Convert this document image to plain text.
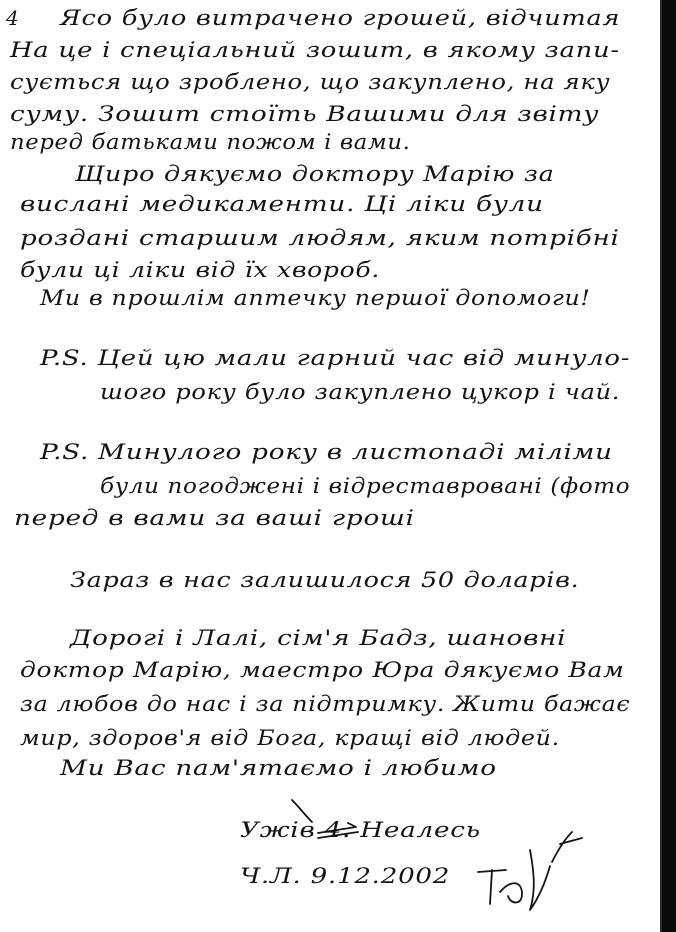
4 Ясо було витрачено грошей, відчитая
На це і спеціальний зошит, в якому запи-
сується що зроблено, що закуплено, на яку
суму. Зошит стоїть Вашими для звіту
перед батьками пожом і вами.
Щиро дякуємо доктору Марію за
вислані медикаменти. Ці ліки були
роздані старшим людям, яким потрібні
були ці ліки від їх хвороб.
Ми в прошлім аптечку першої допомоги!
P.S. Цей цю мали гарний час від минуло-
шого року було закуплено цукор і чай.
P.S. Минулого року в листопаді міліми
були погоджені і відреставровані (фото
перед в вами за ваші гроші
Зараз в нас залишилося 50 доларів.
Дорогі і Лалі, сім'я Бадз, шановні
доктор Марію, маестро Юра дякуємо Вам
за любов до нас і за підтримку. Жити бажає
мир, здоров'я від Бога, кращі від людей.
Ми Вас пам'ятаємо і любимо
Ужів 4. Неалесь
Ч.Л. 9.12.2002
